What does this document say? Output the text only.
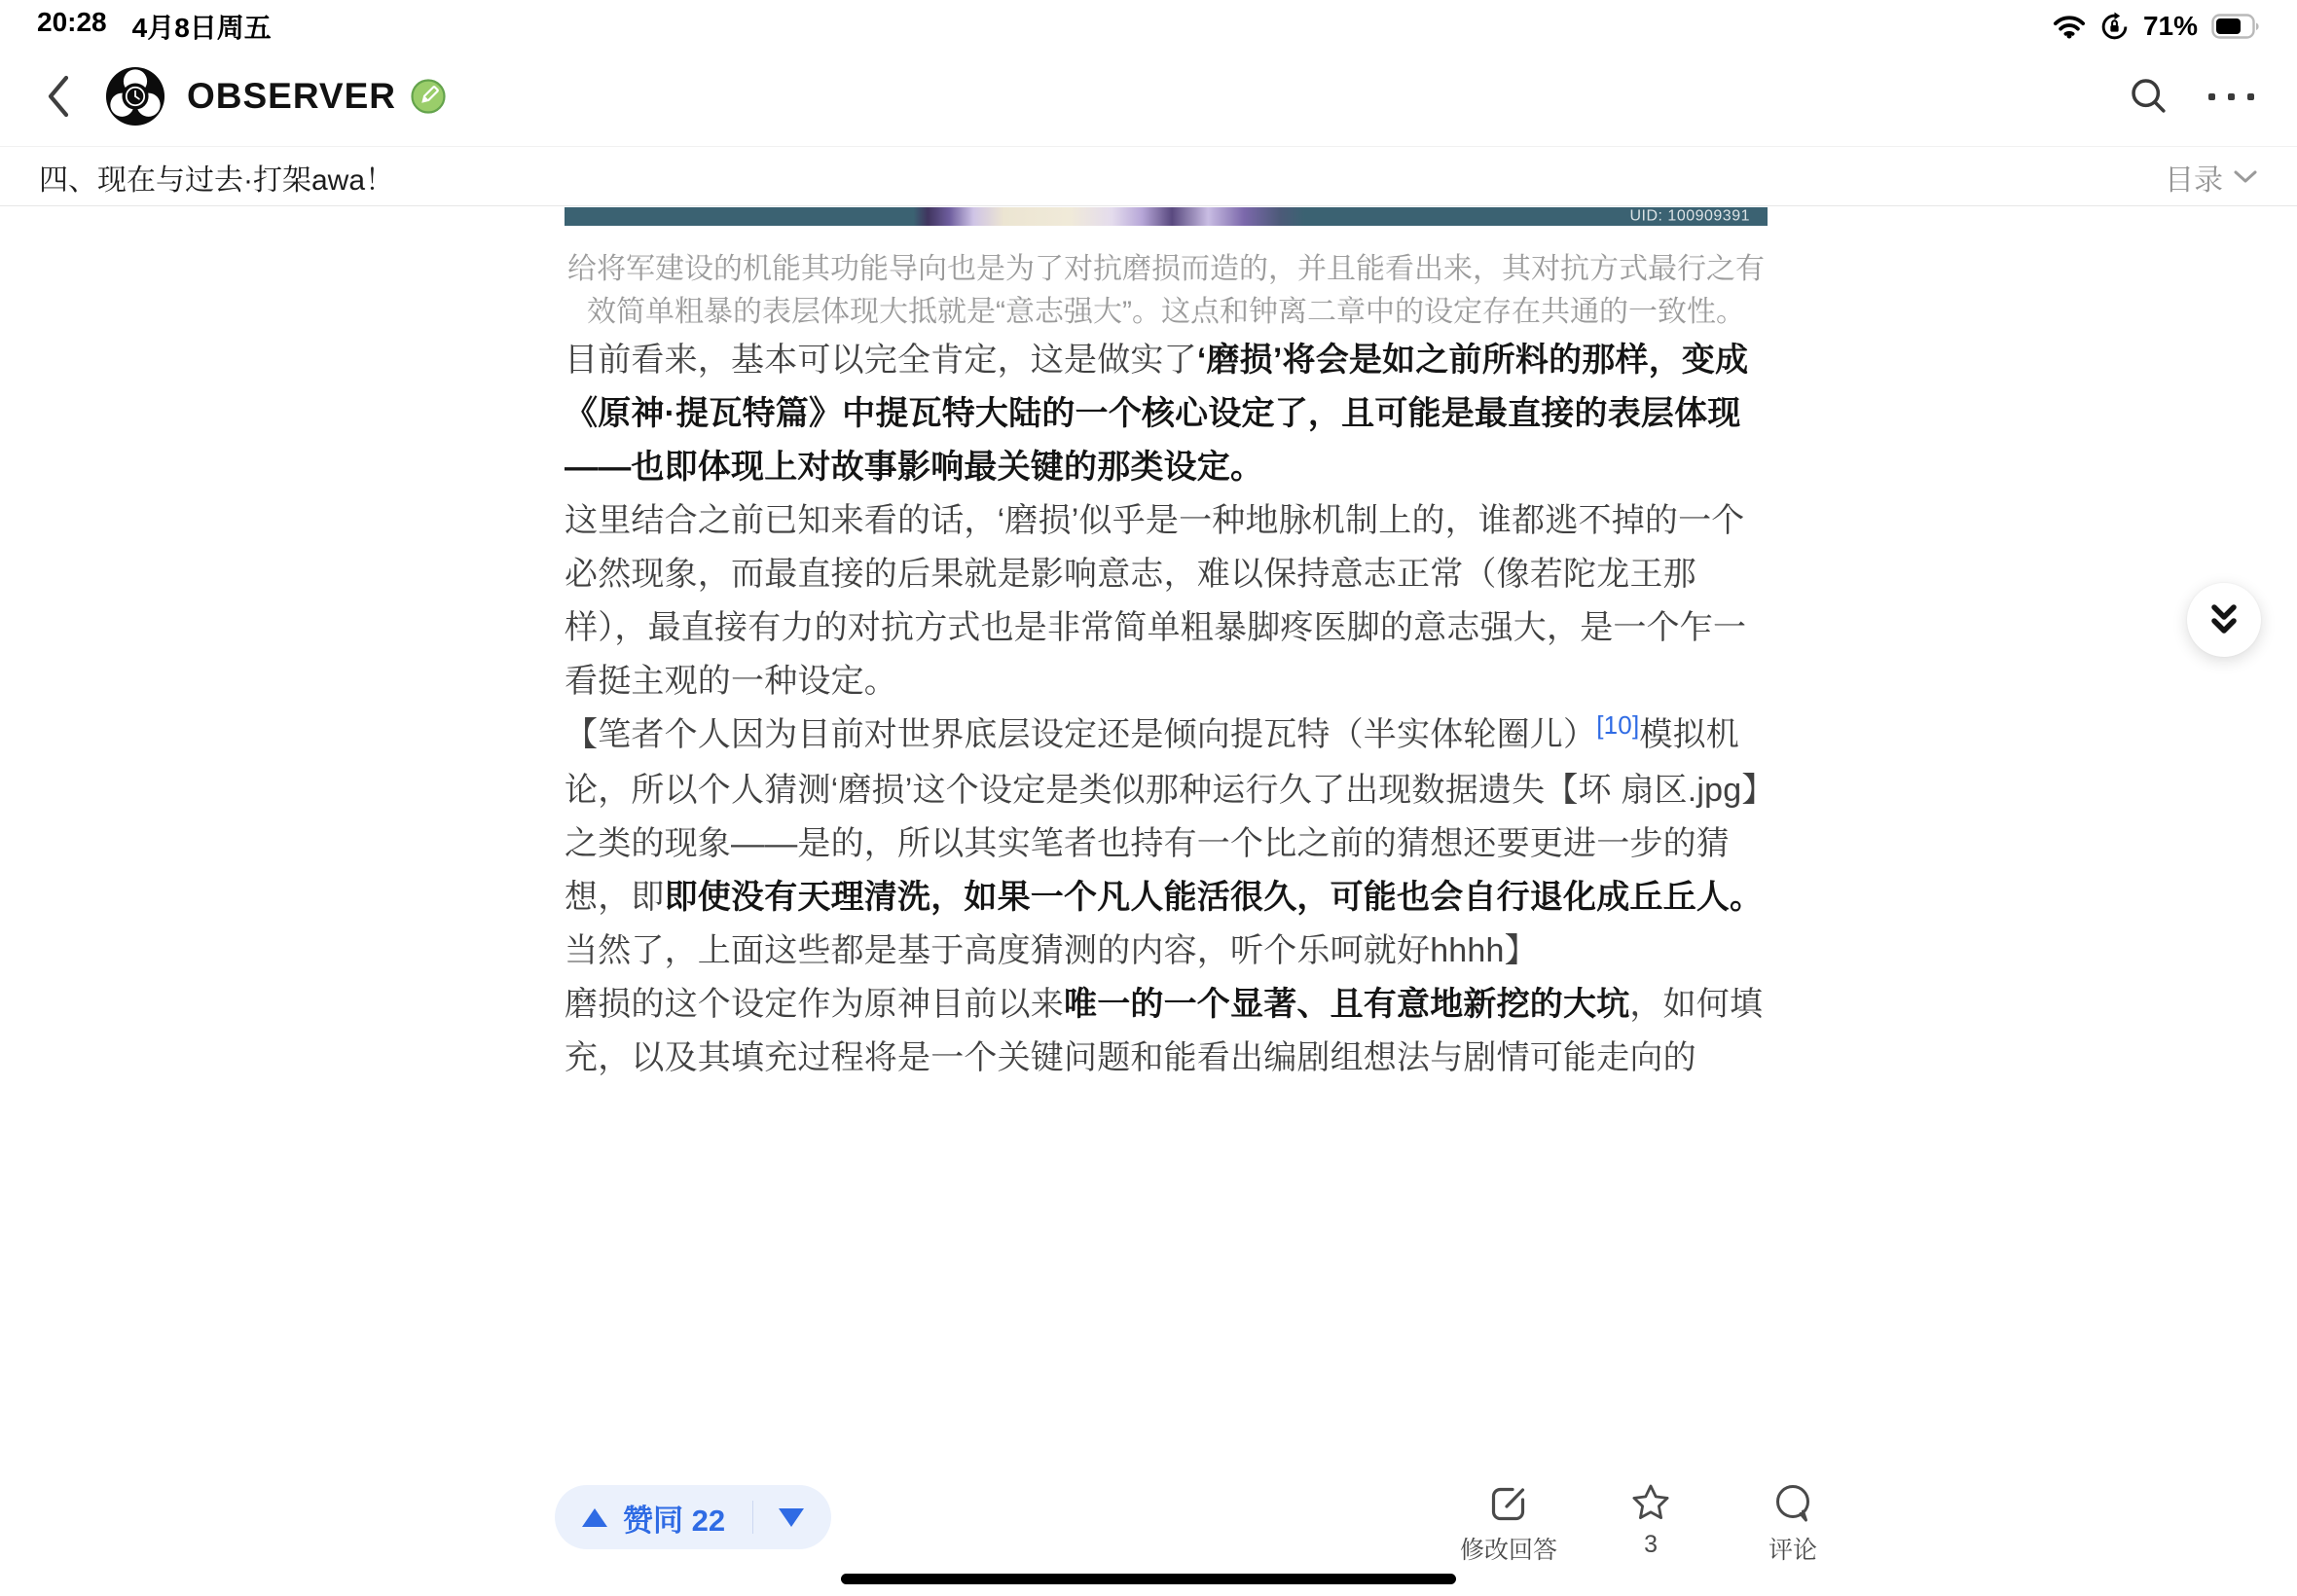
20:28 4月8日周五	71%
OBSERVER
四、现在与过去·打架awa！	目录
UID: 100909391
给将军建设的机能其功能导向也是为了对抗磨损而造的，并且能看出来，其对抗方式最行之有效简单粗暴的表层体现大抵就是“意志强大”。这点和钟离二章中的设定存在共通的一致性。

目前看来，基本可以完全肯定，这是做实了‘磨损’将会是如之前所料的那样，变成《原神·提瓦特篇》中提瓦特大陆的一个核心设定了，且可能是最直接的表层体现——也即体现上对故事影响最关键的那类设定。

这里结合之前已知来看的话，‘磨损’似乎是一种地脉机制上的，谁都逃不掉的一个必然现象，而最直接的后果就是影响意志，难以保持意志正常（像若陀龙王那样），最直接有力的对抗方式也是非常简单粗暴脚疼医脚的意志强大，是一个乍一看挺主观的一种设定。

【笔者个人因为目前对世界底层设定还是倾向提瓦特（半实体轮圈儿）[10]模拟机论，所以个人猜测‘磨损’这个设定是类似那种运行久了出现数据遗失【坏 扇区.jpg】之类的现象——是的，所以其实笔者也持有一个比之前的猜想还要更进一步的猜想，即即使没有天理清洗，如果一个凡人能活很久，可能也会自行退化成丘丘人。

当然了，上面这些都是基于高度猜测的内容，听个乐呵就好hhhh】

磨损的这个设定作为原神目前以来唯一的一个显著、且有意地新挖的大坑，如何填充，以及其填充过程将是一个关键问题和能看出编剧组想法与剧情可能走向的

赞同 22
修改回答	3	评论
